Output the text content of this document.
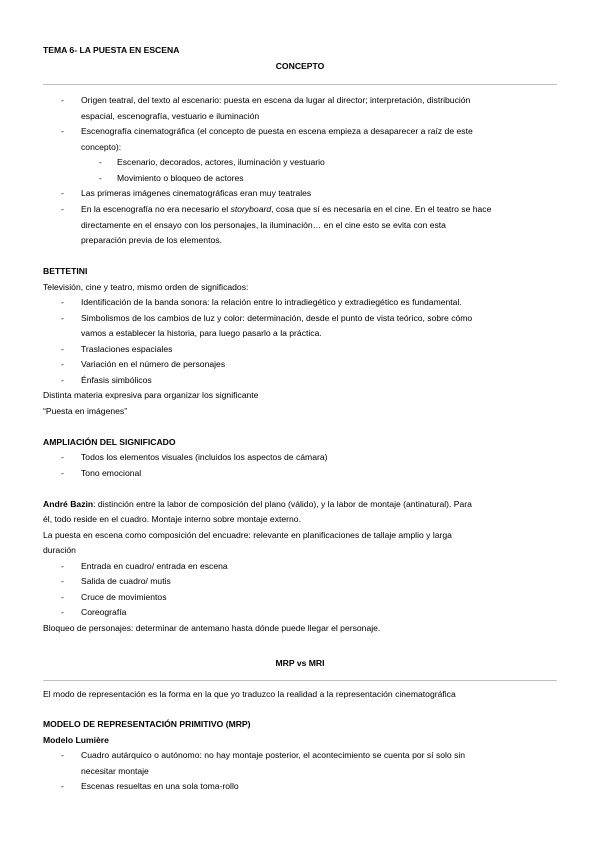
TEMA 6- LA PUESTA EN ESCENA
CONCEPTO
- Origen teatral, del texto al escenario: puesta en escena da lugar al director; interpretación, distribución
espacial, escenografía, vestuario e iluminación
- Escenografía cinematográfica (el concepto de puesta en escena empieza a desaparecer a raíz de este
concepto):
- Escenario, decorados, actores, iluminación y vestuario
- Movimiento o bloqueo de actores
- Las primeras imágenes cinematográficas eran muy teatrales
- En la escenografía no era necesario el storyboard, cosa que sí es necesaria en el cine. En el teatro se hace
directamente en el ensayo con los personajes, la iluminación… en el cine esto se evita con esta
preparación previa de los elementos.
BETTETINI
Televisión, cine y teatro, mismo orden de significados:
- Identificación de la banda sonora: la relación entre lo intradiegético y extradiegético es fundamental.
- Simbolismos de los cambios de luz y color: determinación, desde el punto de vista teórico, sobre cómo
vamos a establecer la historia, para luego pasarlo a la práctica.
- Traslaciones espaciales
- Variación en el número de personajes
- Énfasis simbólicos
Distinta materia expresiva para organizar los significante
“Puesta en imágenes”
AMPLIACIÓN DEL SIGNIFICADO
- Todos los elementos visuales (incluidos los aspectos de cámara)
- Tono emocional
André Bazin: distinción entre la labor de composición del plano (válido), y la labor de montaje (antinatural). Para
él, todo reside en el cuadro. Montaje interno sobre montaje externo.
La puesta en escena como composición del encuadre: relevante en planificaciones de tallaje amplio y larga
duración
- Entrada en cuadro/ entrada en escena
- Salida de cuadro/ mutis
- Cruce de movimientos
- Coreografía
Bloqueo de personajes: determinar de antemano hasta dónde puede llegar el personaje.
MRP vs MRI
El modo de representación es la forma en la que yo traduzco la realidad a la representación cinematográfica
MODELO DE REPRESENTACIÓN PRIMITIVO (MRP)
Modelo Lumière
- Cuadro autárquico o autónomo: no hay montaje posterior, el acontecimiento se cuenta por sí solo sin
necesitar montaje
- Escenas resueltas en una sola toma-rollo
